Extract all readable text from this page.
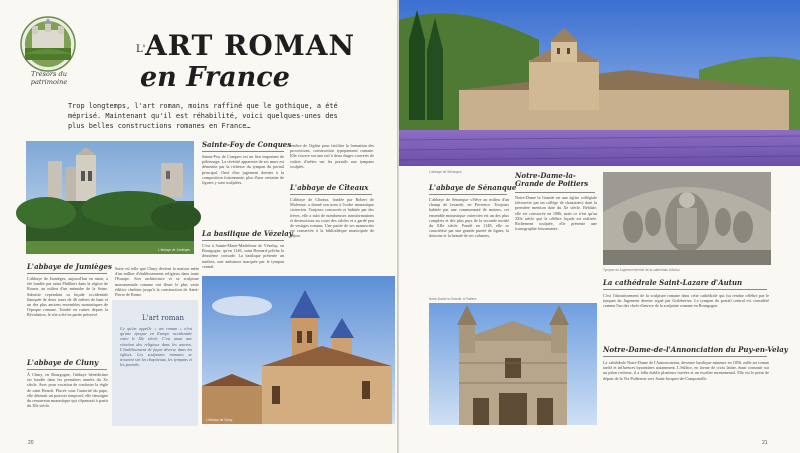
Trésors du patrimoine
L' ART ROMAN
en France
Trop longtemps, l'art roman, moins raffiné que le gothique, a été méprisé. Maintenant qu'il est réhabilité, voici quelques-unes des plus belles constructions romanes en France…
L'abbaye de Jumièges
L'abbaye de Jumièges
L'abbaye de Jumièges, aujourd'hui en ruine, a été fondée par saint Philibert dans la région de Rouen, au milieu d'un méandre de la Seine. Subsiste cependant sa façade occidentale flanquée de deux tours de 46 mètres de haut et un des plus anciens ensembles monastiques de l'époque romane. Tombé en ruines depuis la Révolution, le site a été en partie préservé.
L'abbaye de Cluny
À Cluny, en Bourgogne, l'abbaye bénédictine est fondée dans les premières années du Xe siècle. Avec pour vocation de conforter la règle de saint Benoît. Placée sous l'autorité du pape, elle détenait un pouvoir temporel, elle témoigne du renouveau monastique qui s'épanouit à partir du XIe siècle.
Suite est telle que Cluny devient la maison mère d'un millier d'établissements religieux dans toute l'Europe. Son architecture et sa sculpture monumentale romane ont fleuri le plus vaste édifice chrétien jusqu'à la construction de Saint-Pierre de Rome.
L'art roman
Ce qu'on appelle « art roman » n'est qu'une époque en Europe occidentale entre le XIe siècle. C'est aussi une réaction des religieux dans les œuvres. L'établissement de façon diverse dans les églises. Les sculptures romanes se trouvent sur les chapiteaux, les tympans et les portails.
Sainte-Foy de Conques
Sainte-Foy de Conques est un lieu important de pèlerinage. La sévérité apparente de ses murs est démentie par la richesse du tympan du portail principal. Orné d'un jugement dernier à la composition foisonnante, plus d'une centaine de figures y sont sculptées.
La basilique de Vézelay
C'est à Sainte-Marie-Madeleine de Vézelay, en Bourgogne, qu'en 1146, saint Bernard prêcha la deuxième croisade. La basilique présente un narthex, une ambiance marquée par le tympan central.
fenêtre de l'église pour faciliter la formation des processions, construction typiquement romane. Elle s'ouvre sur une nef à deux étages couverts de voûtes d'arêtes sur les portails aux tympans sculptés.
L'abbaye de Cîteaux
L'abbaye de Cîteaux, fondée par Robert de Molesme, a donné son nom à l'ordre monastique cistercien. Toujours consacrée et habitée par des frères, elle a subi de nombreuses transformations et destructions au cours des siècles et a gardé peu de vestiges romans. Une partie de ses manuscrits est conservée à la bibliothèque municipale de Dijon.
L'abbaye de Cluny
20
L'abbaye de Sénanque
L'abbaye de Sénanque
L'abbaye de Sénanque s'élève au milieu d'un champ de lavande, en Provence. Toujours habitée par une communauté de moines, cet ensemble monastique cistercien est un des plus complets et des plus purs de la seconde moitié du XIIe siècle. Fondé en 1148, elle se caractérise par une grande pureté de lignes, la douceur et la beauté de ses volumes.
Notre-Dame-la-Grande de Poitiers
Notre-Dame la Grande est une église collégiale (desservie par un collège de chanoines) dont la première mention date du Xe siècle. Rebâtie, elle est consacrée en 1086, mais ce n'est qu'au XIIe siècle que la célèbre façade est réalisée. Richement sculptée, elle présente une iconographie foisonnante.
Notre-Dame la Grande, à Poitiers
Tympan du Jugement dernier de la cathédrale d'Autun
La cathédrale Saint-Lazare d'Autun
C'est l'aboutissement de la sculpture romane dans cette cathédrale qui fut rendue célèbre par le tympan du Jugement dernier signé par Gislebertus. Le tympan du portail central est considéré comme l'un des chefs-d'œuvre de la sculpture romane en Bourgogne.
Notre-Dame-de-l'Annonciation du Puy-en-Velay
La cathédrale Notre-Dame de l'Annonciation, devenue basilique mineure en 1856, mêle art roman tardif et influences byzantines notamment. L'édifice, en forme de croix latine, étant construit sur un piton rocheux, il a fallu établir plusieurs travées et un escalier monumental. Elle est le point de départ de la Via Podiensis vers Saint-Jacques-de-Compostelle.
21
